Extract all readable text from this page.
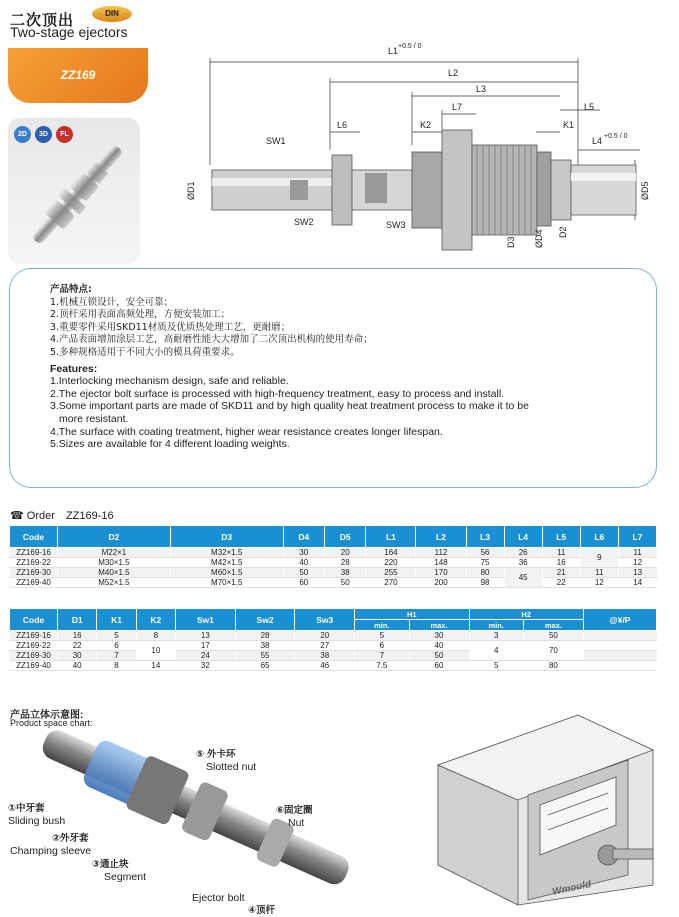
二次顶出	DIN
Two-stage ejectors
ZZ169
2D	3D	FL
L1 +0.5 / 0
L2
L3
L7	L5
K1
K2
L6
L4 +0.5 / 0
SW1
SW2	SW3
ØD1	ØD5
D3 ØD4 D2
产品特点:
1.机械互锁设计，安全可靠；
2.顶杆采用表面高频处理，方便安装加工；
3.重要零件采用SKD11材质及优质热处理工艺，更耐磨；
4.产品表面增加涂层工艺，高耐磨性能大大增加了二次顶出机构的使用寿命；
5.多种规格适用于不同大小的模具荷重要求。
Features:
1.Interlocking mechanism design, safe and reliable.
2.The ejector bolt surface is processed with high-frequency treatment, easy to process and install.
3.Some important parts are made of SKD11 and by high quality heat treatment process to make it to be
more resistant.
4.The surface with coating treatment, higher wear resistance creates longer lifespan.
5.Sizes are available for 4 different loading weights.
☎ Order ZZ169-16
Code	D2	D3	D4	D5	L1	L2	L3	L4	L5	L6	L7
ZZ169-16	M22×1	M32×1.5	30	20	164	112	56	26	11	9	11
ZZ169-22	M30×1.5	M42×1.5	40	28	220	148	75	36	16		12
ZZ169-30	M40×1.5	M60×1.5	50	38	255	170	80	45	21	11	13
ZZ169-40	M52×1.5	M70×1.5	60	50	270	200	98		22	12	14
Code	D1	K1	K2	Sw1	Sw2	Sw3	H1		H2		@¥/P
							min.	max.	min.	max.	
ZZ169-16	16	5	8	13	28	20	5	30	3	50	
ZZ169-22	22	6	10	17	38	27	6	40	4	70	
ZZ169-30	30	7		24	55	38	7	50			
ZZ169-40	40	8	14	32	65	46	7.5	60	5	80	
产品立体示意图:
Product space chart:
⑤ 外卡环
Slotted nut
①中牙套
Sliding bush
②外牙套
Champing sleeve
⑥固定圈
Nut
③通止块
Segment
Ejector bolt
④顶杆
Wmould
